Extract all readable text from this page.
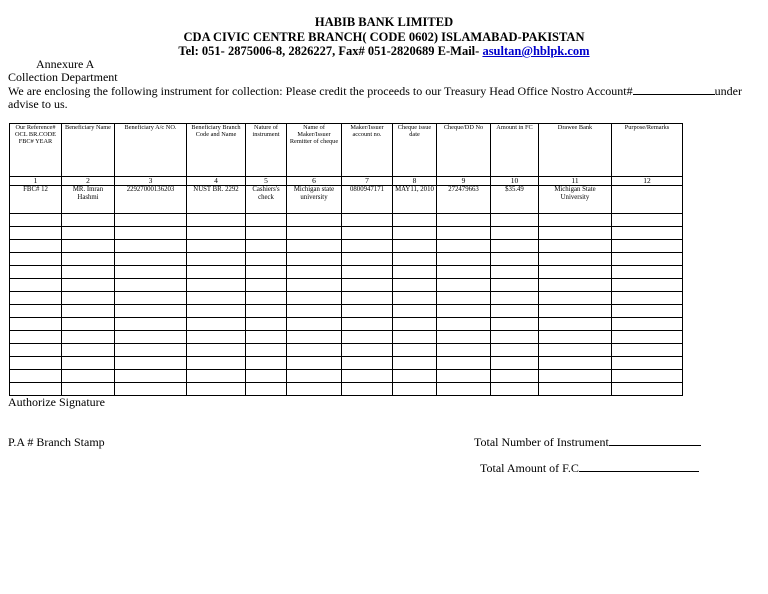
HABIB BANK LIMITED
CDA CIVIC CENTRE BRANCH( CODE 0602) ISLAMABAD-PAKISTAN
Tel: 051- 2875006-8, 2826227, Fax# 051-2820689 E-Mail- asultan@hblpk.com
Annexure A
Collection Department
We are enclosing the following instrument for collection: Please credit the proceeds to our Treasury Head Office Nostro Account#	under
advise to us.
Our Reference# OCL BR.CODE FBC# YEAR	Beneficiary Name	Beneficiary A/c NO.	Beneficiary Branch Code and Name	Nature of instrument	Name of Maker/Issuer Remitter of cheque	Maker/Issuer account no.	Cheque issue date	Cheque/DD No	Amount in FC	Drawee Bank	Purpose/Remarks
1	2	3	4	5	6	7	8	9	10	11	12
FBC# 12	MR. Imran Hashmi	22927000136203	NUST BR. 2292	Cashiers's check	Michigan state university	0800947171	MAY11, 2010	272479663	$35.49	Michigan State University	

Authorize Signature
P.A # Branch Stamp	Total Number of Instrument
Total Amount of F.C
